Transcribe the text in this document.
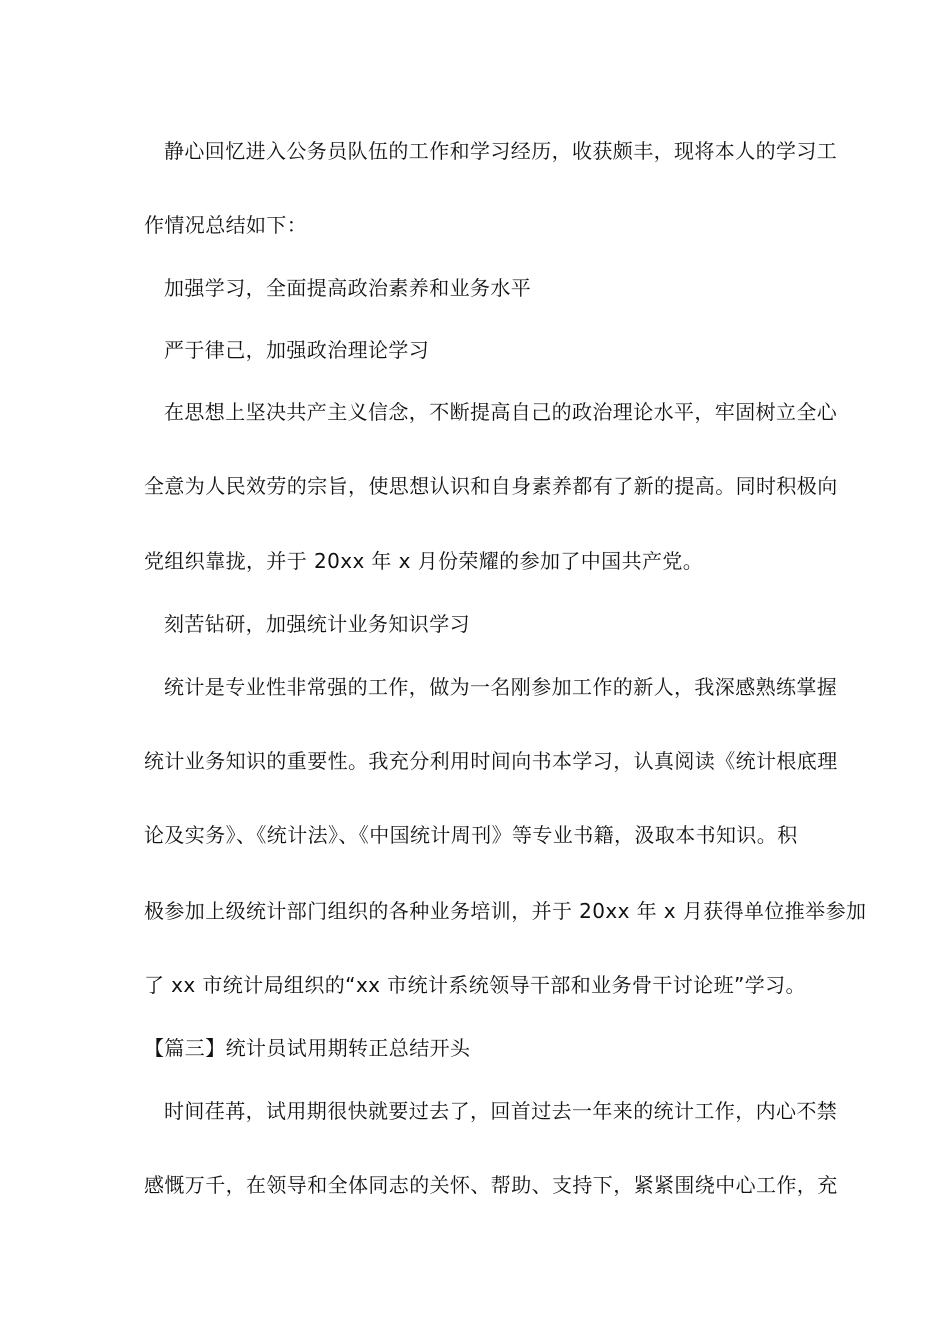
静心回忆进入公务员队伍的工作和学习经历，收获颇丰，现将本人的学习工
作情况总结如下：
加强学习，全面提高政治素养和业务水平
严于律己，加强政治理论学习
在思想上坚决共产主义信念，不断提高自己的政治理论水平，牢固树立全心
全意为人民效劳的宗旨，使思想认识和自身素养都有了新的提高。同时积极向
党组织靠拢，并于 20xx 年 x 月份荣耀的参加了中国共产党。
刻苦钻研，加强统计业务知识学习
统计是专业性非常强的工作，做为一名刚参加工作的新人，我深感熟练掌握
统计业务知识的重要性。我充分利用时间向书本学习，认真阅读《统计根底理
论及实务》、《统计法》、《中国统计周刊》等专业书籍，汲取本书知识。积
极参加上级统计部门组织的各种业务培训，并于 20xx 年 x 月获得单位推举参加
了 xx 市统计局组织的“xx 市统计系统领导干部和业务骨干讨论班”学习。
【篇三】统计员试用期转正总结开头
时间荏苒，试用期很快就要过去了，回首过去一年来的统计工作，内心不禁
感慨万千，在领导和全体同志的关怀、帮助、支持下，紧紧围绕中心工作，充
